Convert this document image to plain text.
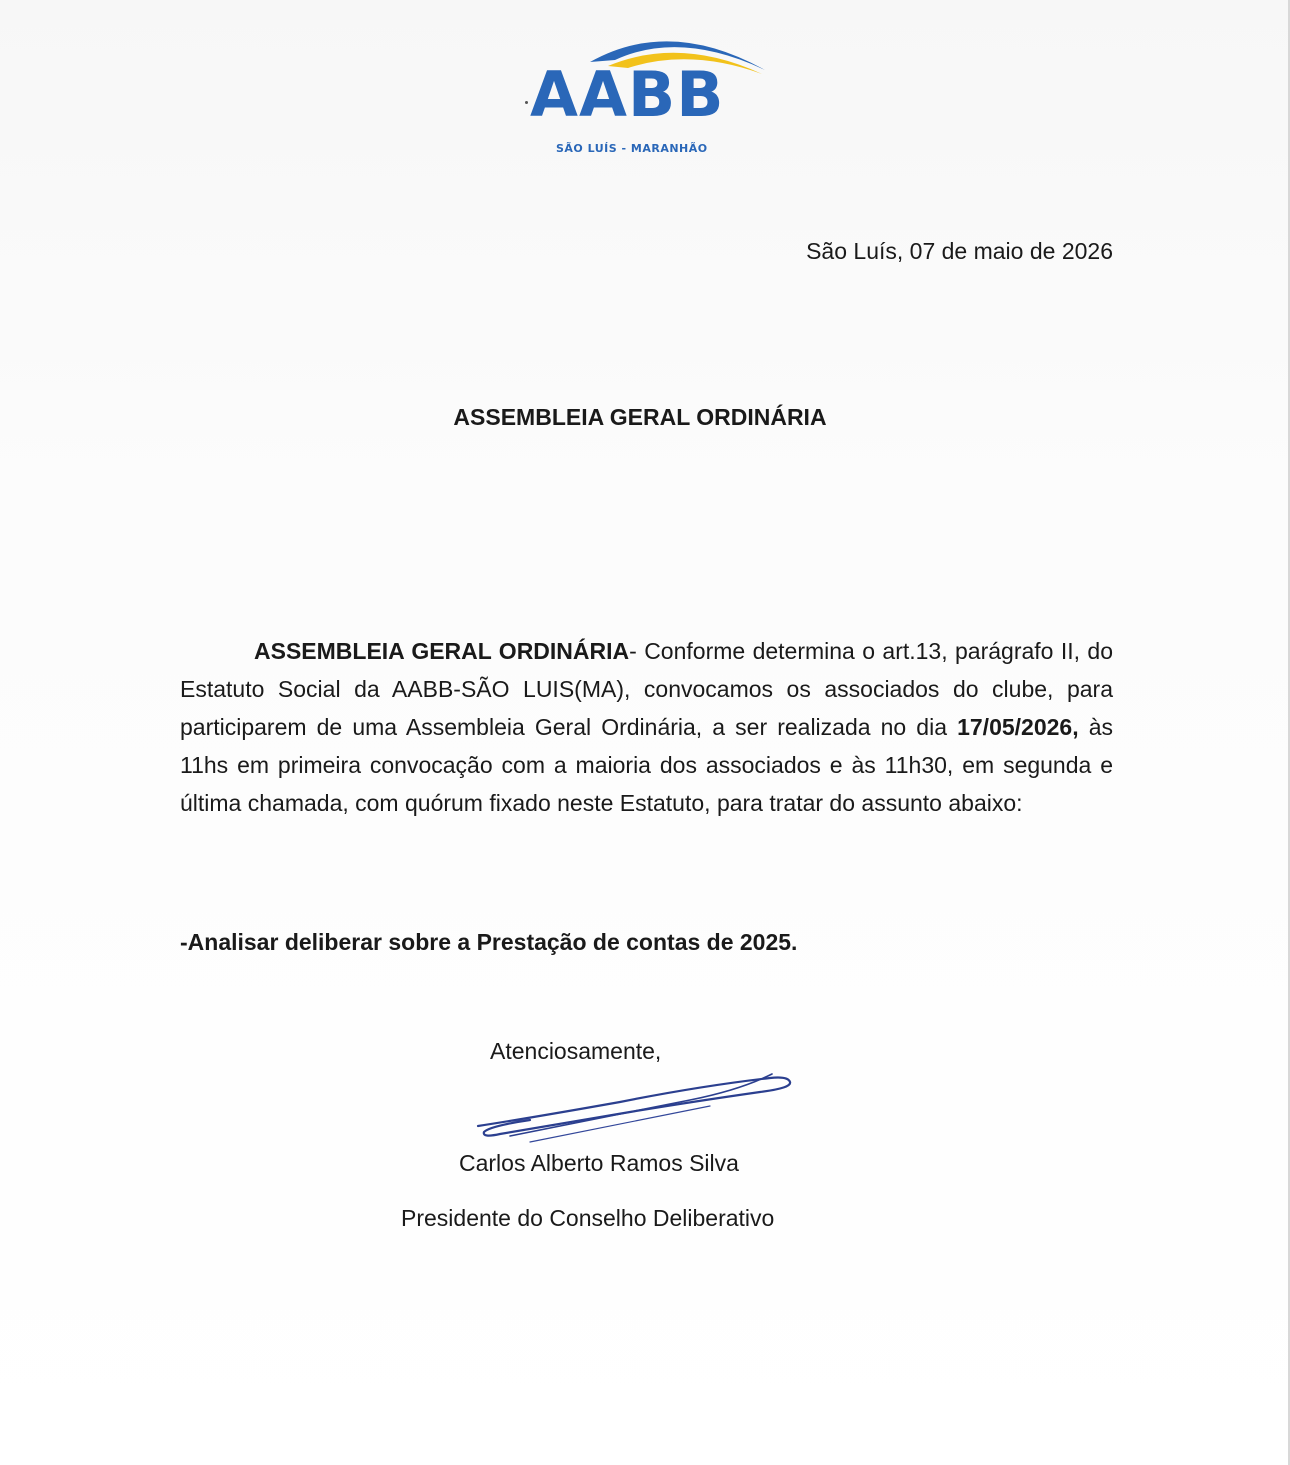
AABB
SÃO LUÍS - MARANHÃO
São Luís, 07 de maio de 2026
ASSEMBLEIA GERAL ORDINÁRIA

ASSEMBLEIA GERAL ORDINÁRIA- Conforme determina o art.13, parágrafo II, do Estatuto Social da AABB-SÃO LUIS(MA), convocamos os associados do clube, para participarem de uma Assembleia Geral Ordinária, a ser realizada no dia 17/05/2026, às 11hs em primeira convocação com a maioria dos associados e às 11h30, em segunda e última chamada, com quórum fixado neste Estatuto, para tratar do assunto abaixo:

-Analisar deliberar sobre a Prestação de contas de 2025.
Atenciosamente,
Carlos Alberto Ramos Silva
Presidente do Conselho Deliberativo
